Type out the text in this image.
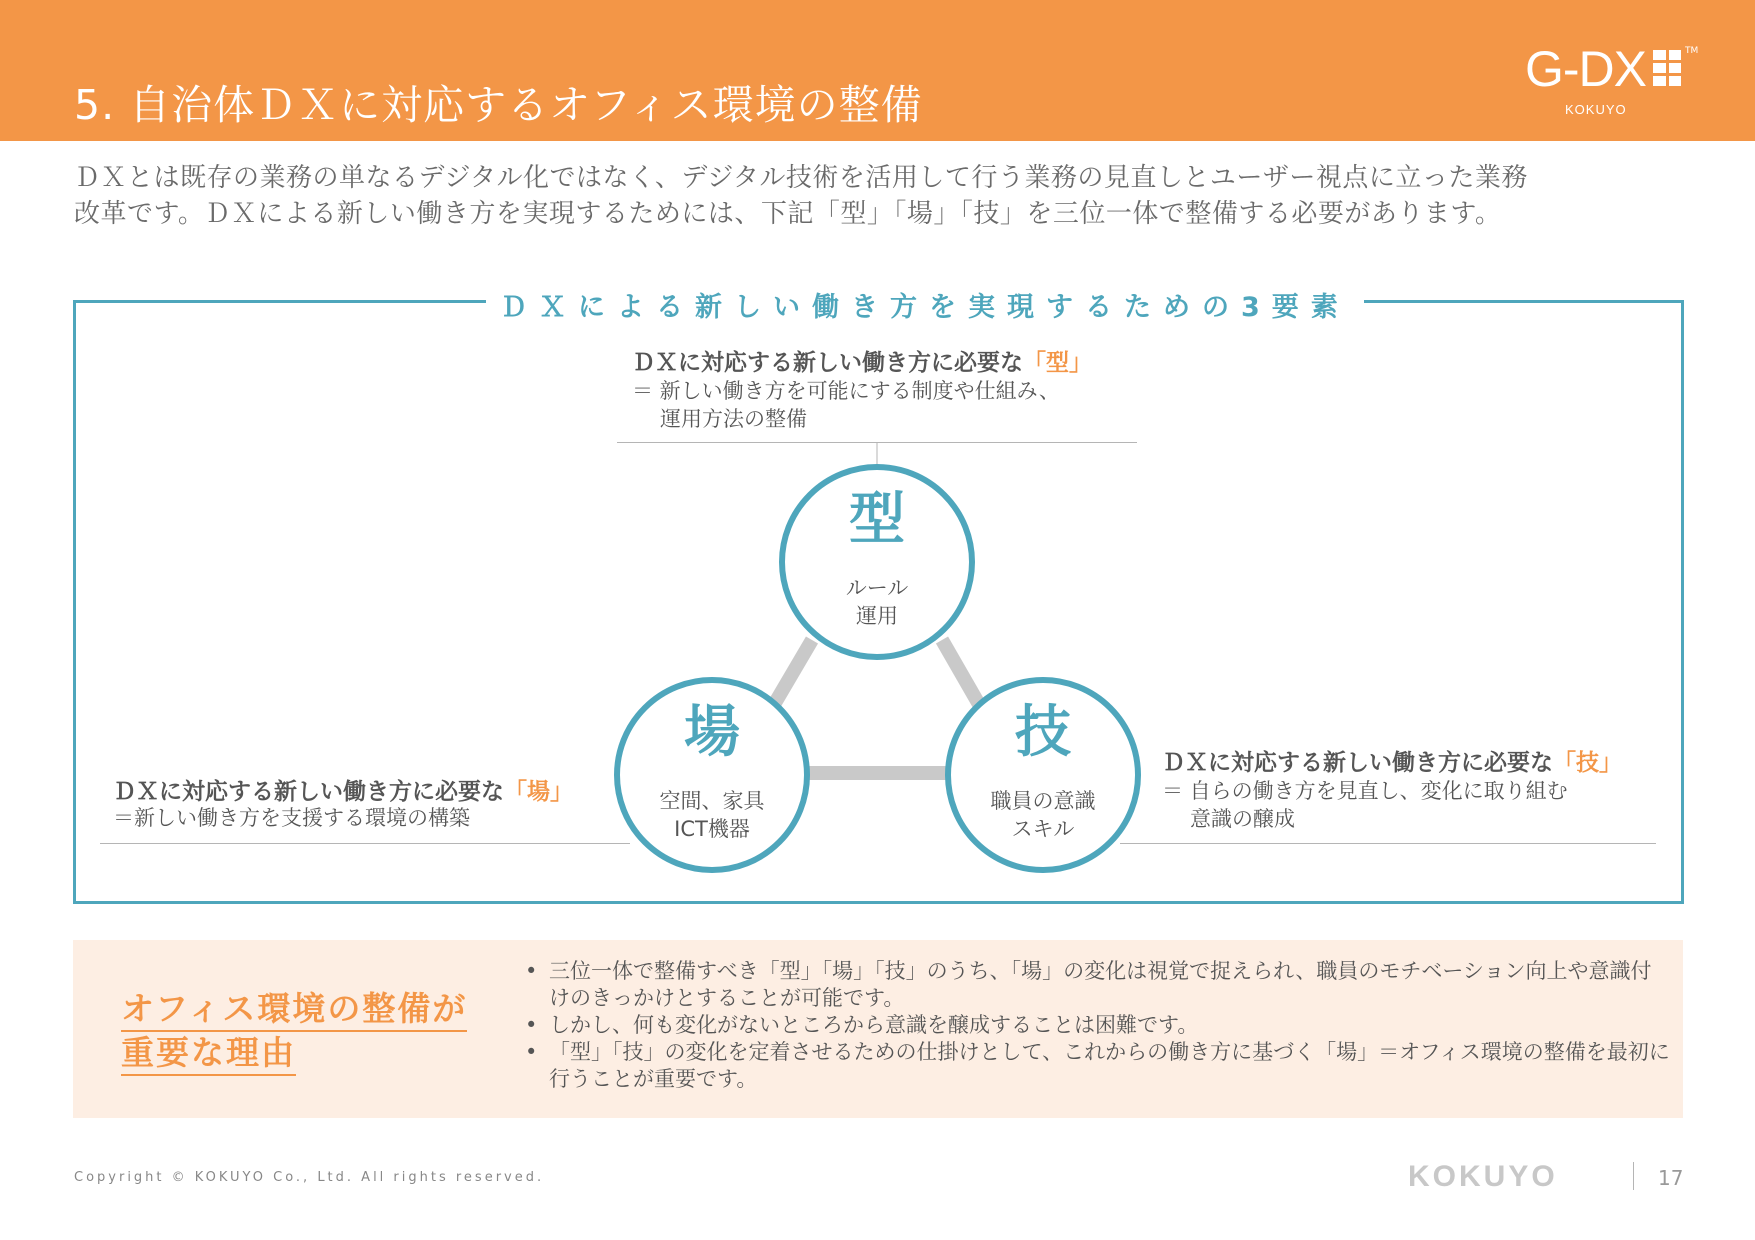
5. 自治体ＤＸに対応するオフィス環境の整備
G-DX	TM
KOKUYO
ＤＸとは既存の業務の単なるデジタル化ではなく、デジタル技術を活用して行う業務の見直しとユーザー視点に立った業務
改革です。ＤＸによる新しい働き方を実現するためには、下記「型」「場」「技」を三位一体で整備する必要があります。
ＤＸによる新しい働き方を実現するための3要素
型
ルール
運用
場
空間、家具
ICT機器
技
職員の意識
スキル
ＤＸに対応する新しい働き方に必要な「型」
＝ 新しい働き方を可能にする制度や仕組み、
運用方法の整備
ＤＸに対応する新しい働き方に必要な「場」
＝新しい働き方を支援する環境の構築
ＤＸに対応する新しい働き方に必要な「技」
＝ 自らの働き方を見直し、変化に取り組む
意識の醸成
オフィス環境の整備が
重要な理由
• 三位一体で整備すべき「型」「場」「技」のうち、「場」の変化は視覚で捉えられ、職員のモチベーション向上や意識付けのきっかけとすることが可能です。
• しかし、何も変化がないところから意識を醸成することは困難です。
• 「型」「技」の変化を定着させるための仕掛けとして、これからの働き方に基づく「場」＝オフィス環境の整備を最初に行うことが重要です。
Copyright © KOKUYO Co., Ltd. All rights reserved.	KOKUYO	17
